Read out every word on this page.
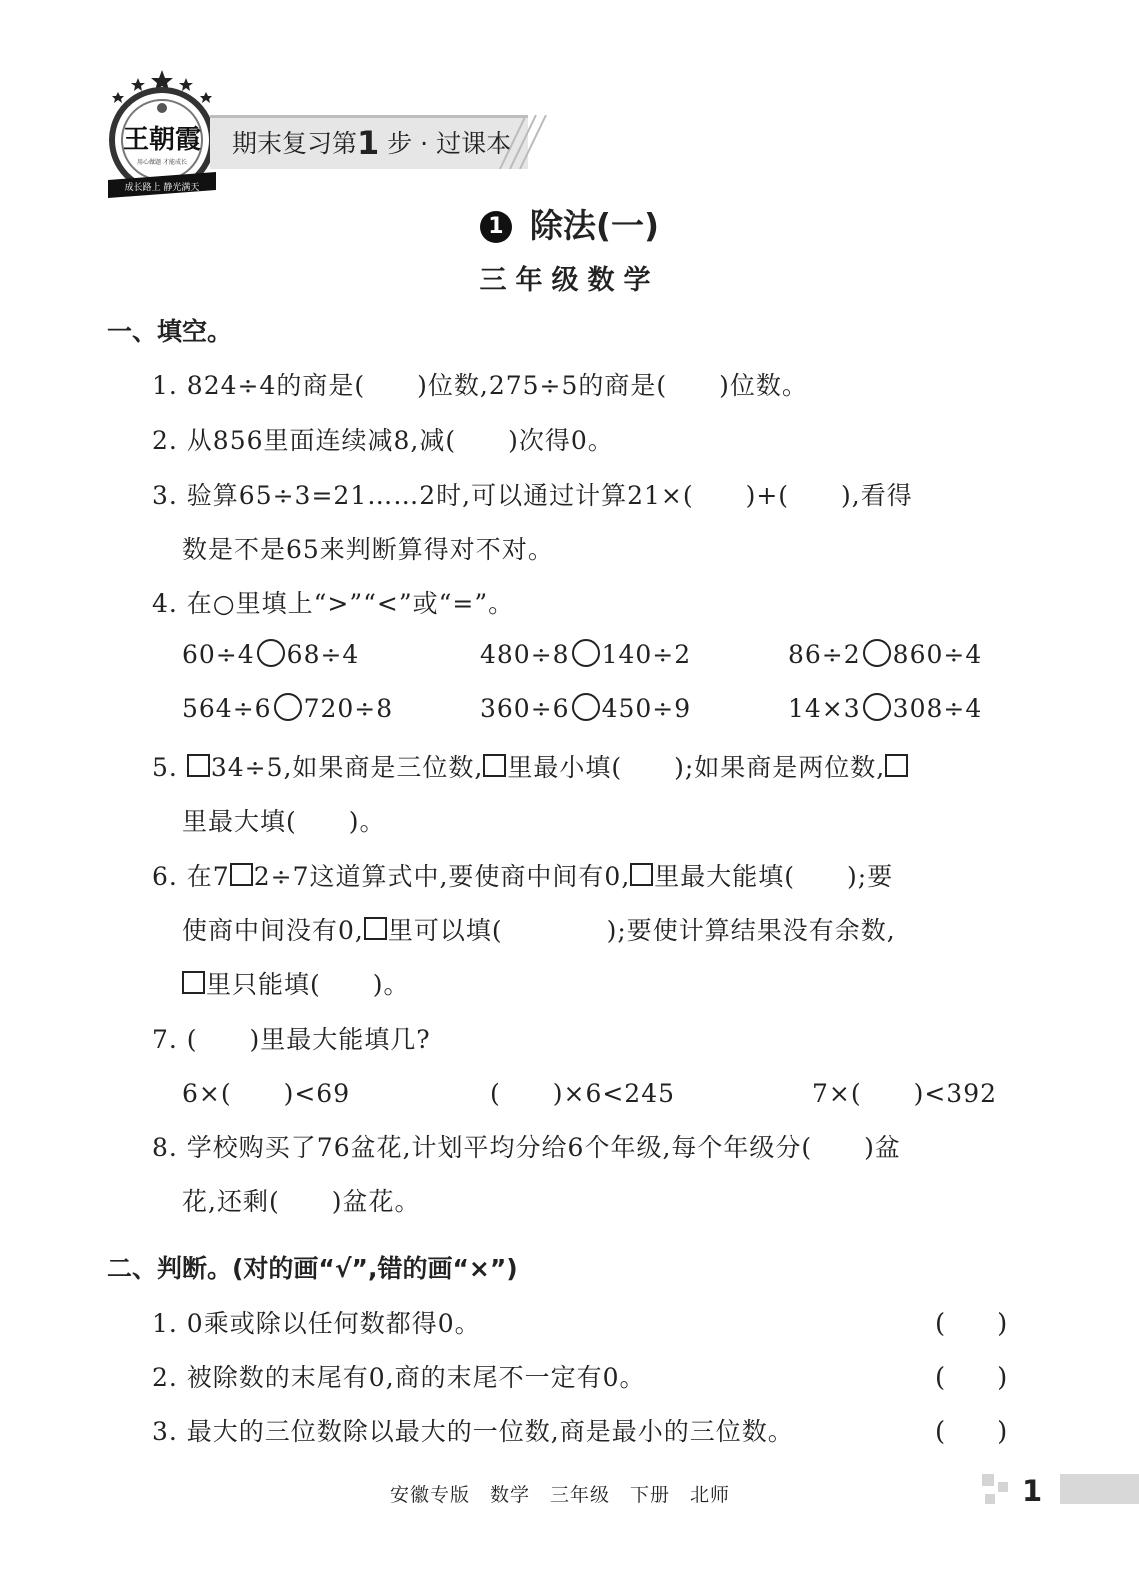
王朝霞
用心做题 才能成长
成长路上 静光满天
期末复习第1 步 · 过课本
1 除法(一)
三年级数学
一、填空。
1. 824÷4的商是(　　)位数,275÷5的商是(　　)位数。
2. 从856里面连续减8,减(　　)次得0。
3. 验算65÷3=21……2时,可以通过计算21×(　　)+(　　),看得
数是不是65来判断算得对不对。
4. 在○里填上“>”“<”或“=”。
60÷4 68÷4	480÷8 140÷2	86÷2 860÷4
564÷6 720÷8	360÷6 450÷9	14×3 308÷4
5. 34÷5,如果商是三位数, 里最小填(　　);如果商是两位数,
里最大填(　　)。
6. 在7 2÷7这道算式中,要使商中间有0, 里最大能填(　　);要
使商中间没有0, 里可以填(　　　　);要使计算结果没有余数,
里只能填(　　)。
7. (　　)里最大能填几?
6×(　　)<69	(　　)×6<245	7×(　　)<392
8. 学校购买了76盆花,计划平均分给6个年级,每个年级分(　　)盆
花,还剩(　　)盆花。
二、判断。(对的画“√”,错的画“×”)
1. 0乘或除以任何数都得0。	(　　)
2. 被除数的末尾有0,商的末尾不一定有0。	(　　)
3. 最大的三位数除以最大的一位数,商是最小的三位数。	(　　)
安徽专版　数学　三年级　下册　北师	1
